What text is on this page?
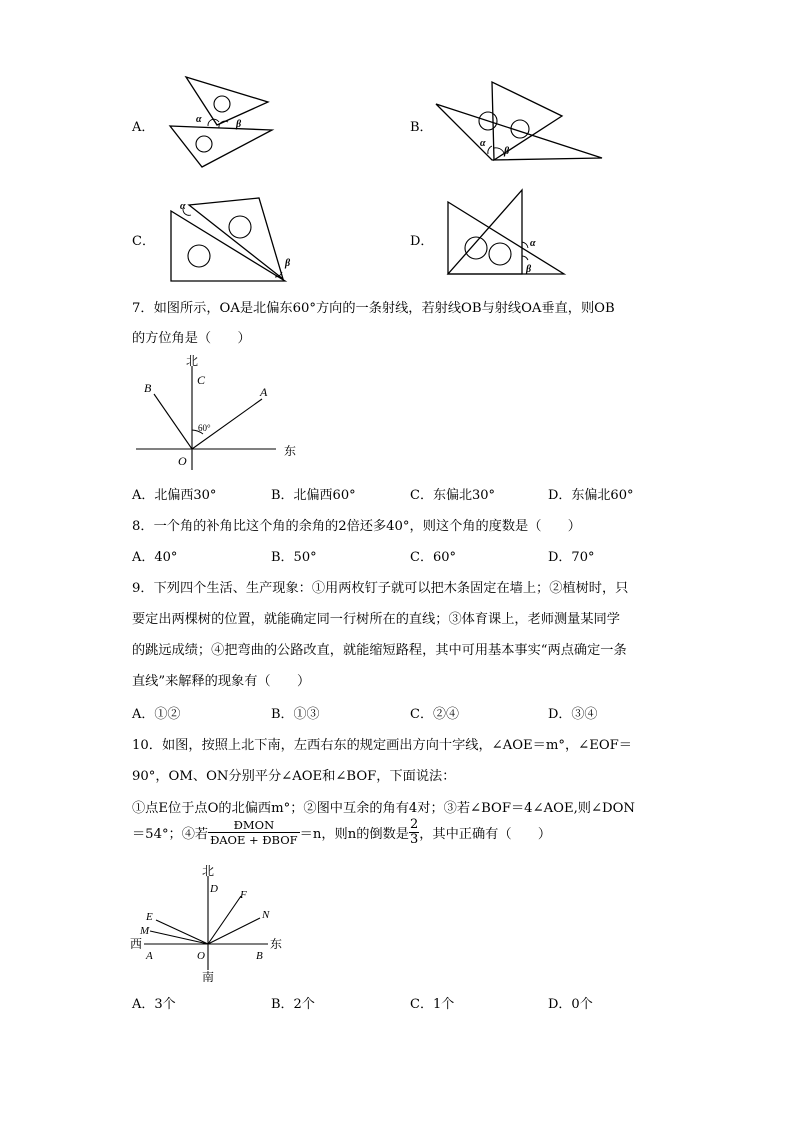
A．
α	β	B．
α
β
C．
α
β
D．	α
β
7．如图所示，OA是北偏东60°方向的一条射线，若射线OB与射线OA垂直，则OB
的方位角是（　　）
北
C
B	A
60°
O
东
A．北偏西30°	B．北偏西60°	C．东偏北30°	D．东偏北60°
8．一个角的补角比这个角的余角的2倍还多40°，则这个角的度数是（　　）
A．40°	B．50°	C．60°	D．70°
9．下列四个生活、生产现象：①用两枚钉子就可以把木条固定在墙上；②植树时，只
要定出两棵树的位置，就能确定同一行树所在的直线；③体育课上，老师测量某同学
的跳远成绩；④把弯曲的公路改直，就能缩短路程，其中可用基本事实“两点确定一条
直线”来解释的现象有（　　）
A．①②	B．①③	C．②④	D．③④
10．如图，按照上北下南，左西右东的规定画出方向十字线，∠AOE＝m°，∠EOF＝
90°，OM、ON分别平分∠AOE和∠BOF，下面说法：
①点E位于点O的北偏西m°；②图中互余的角有4对；③若∠BOF＝4∠AOE,则∠DON
＝54°；④若 $\frac{\text{ÐMON}}{\text{ÐAOE + ÐBOF}} =n$，则n的倒数是 $\frac{2}{3}$ ，其中正确有（　　）
北
D F
N
E
M
西
A	O	B
东
南
A．3个	B．2个	C．1个	D．0个
